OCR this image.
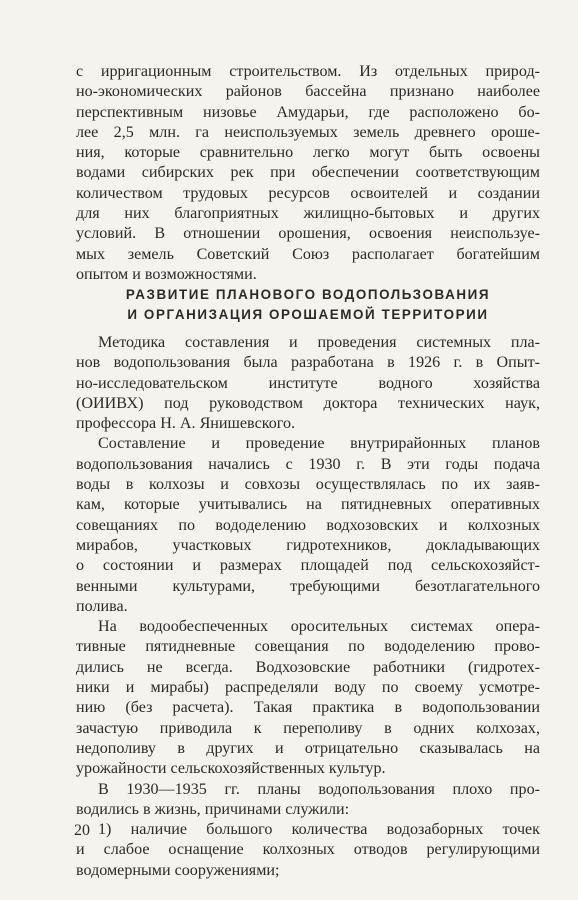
с ирригационным строительством. Из отдельных природ-
но-экономических районов бассейна признано наиболее
перспективным низовье Амударьи, где расположено бо-
лее 2,5 млн. га неиспользуемых земель древнего ороше-
ния, которые сравнительно легко могут быть освоены
водами сибирских рек при обеспечении соответствующим
количеством трудовых ресурсов освоителей и создании
для них благоприятных жилищно-бытовых и других
условий. В отношении орошения, освоения неиспользуе-
мых земель Советский Союз располагает богатейшим
опытом и возможностями.
РАЗВИТИЕ ПЛАНОВОГО ВОДОПОЛЬЗОВАНИЯ
И ОРГАНИЗАЦИЯ ОРОШАЕМОЙ ТЕРРИТОРИИ
Методика составления и проведения системных пла-
нов водопользования была разработана в 1926 г. в Опыт-
но-исследовательском институте водного хозяйства
(ОИИВХ) под руководством доктора технических наук,
профессора Н. А. Янишевского.
Составление и проведение внутрирайонных планов
водопользования начались с 1930 г. В эти годы подача
воды в колхозы и совхозы осуществлялась по их заяв-
кам, которые учитывались на пятидневных оперативных
совещаниях по вододелению водхозовских и колхозных
мирабов, участковых гидротехников, докладывающих
о состоянии и размерах площадей под сельскохозяйст-
венными культурами, требующими безотлагательного
полива.
На водообеспеченных оросительных системах опера-
тивные пятидневные совещания по вододелению прово-
дились не всегда. Водхозовские работники (гидротех-
ники и мирабы) распределяли воду по своему усмотре-
нию (без расчета). Такая практика в водопользовании
зачастую приводила к переполиву в одних колхозах,
недополиву в других и отрицательно сказывалась на
урожайности сельскохозяйственных культур.
В 1930—1935 гг. планы водопользования плохо про-
водились в жизнь, причинами служили:
1) наличие большого количества водозаборных точек
и слабое оснащение колхозных отводов регулирующими
водомерными сооружениями;
20
